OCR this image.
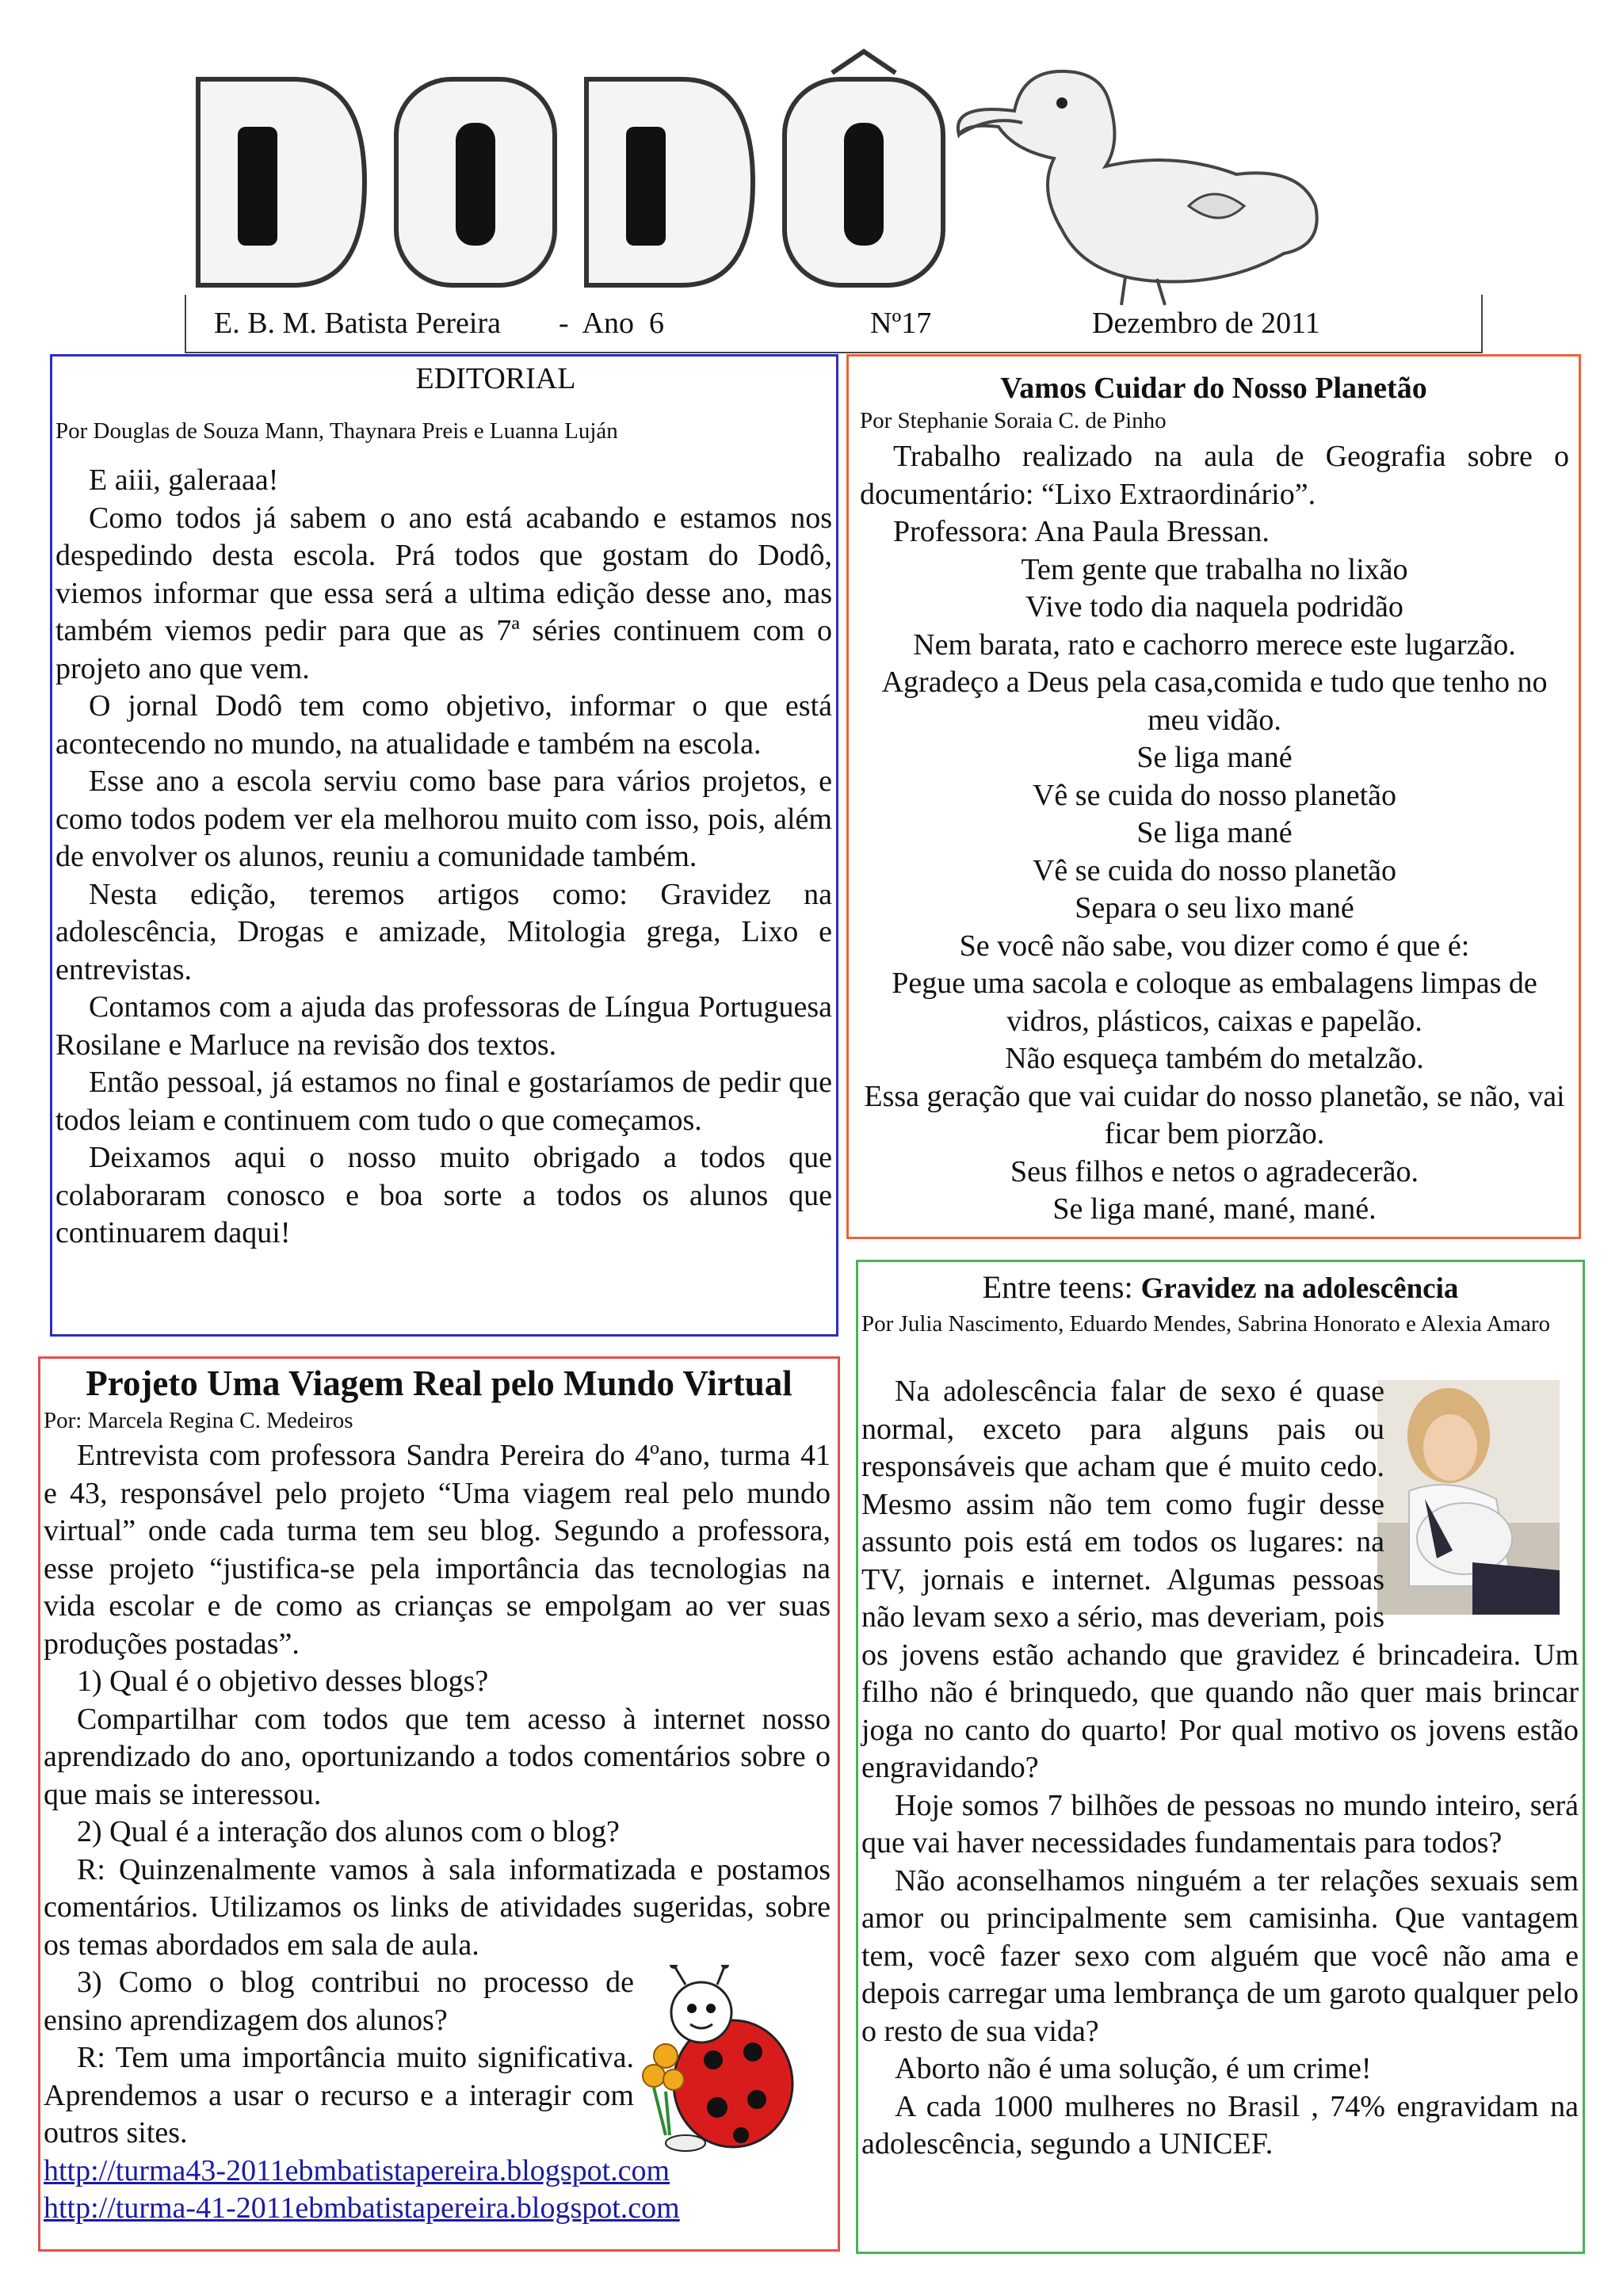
E. B. M. Batista Pereira -  Ano  6	Nº17	Dezembro de 2011
EDITORIAL
Por Douglas de Souza Mann, Thaynara Preis e Luanna Luján

E aiii, galeraaa!

Como todos já sabem o ano está acabando e estamos nos despedindo desta escola. Prá todos que gostam do Dodô, viemos informar que essa será a ultima edição desse ano, mas também viemos pedir para que as 7ª séries continuem com o projeto ano que vem.

O jornal Dodô tem como objetivo, informar o que está acontecendo no mundo, na atualidade e também na escola.

Esse ano a escola serviu como base para vários projetos, e como todos podem ver ela melhorou muito com isso, pois, além de envolver os alunos, reuniu a comunidade também.

Nesta edição, teremos artigos como: Gravidez na adolescência, Drogas e amizade, Mitologia grega, Lixo e entrevistas.

Contamos com a ajuda das professoras de Língua Portuguesa Rosilane e Marluce na revisão dos textos.

Então pessoal, já estamos no final e gostaríamos de pedir que todos leiam e continuem com tudo o que começamos.

Deixamos aqui o nosso muito obrigado a todos que colaboraram conosco e boa sorte a todos os alunos que continuarem daqui!

Vamos Cuidar do Nosso Planetão
Por Stephanie Soraia C. de Pinho

Trabalho realizado na aula de Geografia sobre o documentário: “Lixo Extraordinário”.

Professora: Ana Paula Bressan.

Tem gente que trabalha no lixão

Vive todo dia naquela podridão

Nem barata, rato e cachorro merece este lugarzão.

Agradeço a Deus pela casa,comida e tudo que tenho no meu vidão.

Se liga mané

Vê se cuida do nosso planetão

Se liga mané

Vê se cuida do nosso planetão

Separa o seu lixo mané

Se você não sabe, vou dizer como é que é:

Pegue uma sacola e coloque as embalagens limpas de vidros, plásticos, caixas e papelão.

Não esqueça também do metalzão.

Essa geração que vai cuidar do nosso planetão, se não, vai ficar bem piorzão.

Seus filhos e netos o agradecerão.

Se liga mané, mané, mané.

Projeto Uma Viagem Real pelo Mundo Virtual
Por: Marcela Regina C. Medeiros

Entrevista com professora Sandra Pereira do 4ºano, turma 41 e 43, responsável pelo projeto “Uma viagem real pelo mundo virtual” onde cada turma tem seu blog. Segundo a professora, esse projeto “justifica-se pela importância das tecnologias na vida escolar e de como as crianças se empolgam ao ver suas produções postadas”.

1) Qual é o objetivo desses blogs?

Compartilhar com todos que tem acesso à internet nosso aprendizado do ano, oportunizando a todos comentários sobre o que mais se interessou.

2) Qual é a interação dos alunos com o blog?

R: Quinzenalmente vamos à sala informatizada e postamos comentários. Utilizamos os links de atividades sugeridas, sobre os temas abordados em sala de aula.

3) Como o blog contribui no processo de ensino aprendizagem dos alunos?

R: Tem uma importância muito significativa. Aprendemos a usar o recurso e a interagir com outros sites.

http://turma43-2011ebmbatistapereira.blogspot.com
http://turma-41-2011ebmbatistapereira.blogspot.com
Entre teens: Gravidez na adolescência
Por Julia Nascimento, Eduardo Mendes, Sabrina Honorato e Alexia Amaro

Na adolescência falar de sexo é quase normal, exceto para alguns pais ou responsáveis que acham que é muito cedo. Mesmo assim não tem como fugir desse assunto pois está em todos os lugares: na TV, jornais e internet. Algumas pessoas não levam sexo a sério, mas deveriam, pois os jovens estão achando que gravidez é brincadeira. Um filho não é brinquedo, que quando não quer mais brincar joga no canto do quarto! Por qual motivo os jovens estão engravidando?

Hoje somos 7 bilhões de pessoas no mundo inteiro, será que vai haver necessidades fundamentais para todos?

Não aconselhamos ninguém a ter relações sexuais sem amor ou principalmente sem camisinha. Que vantagem tem, você fazer sexo com alguém que você não ama e depois carregar uma lembrança de um garoto qualquer pelo o resto de sua vida?

Aborto não é uma solução, é um crime!

A cada 1000 mulheres no Brasil , 74% engravidam na adolescência, segundo a UNICEF.
